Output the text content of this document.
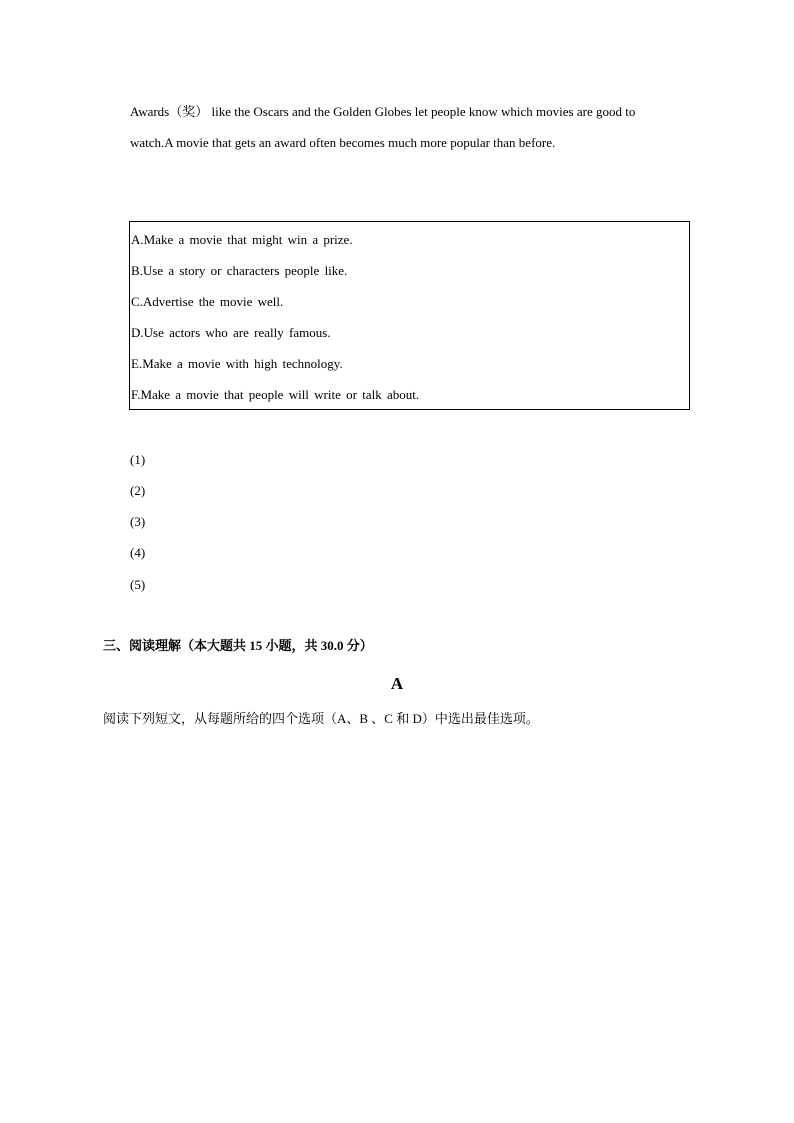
Awards（奖） like the Oscars and the Golden Globes let people know which movies are good to
watch.A movie that gets an award often becomes much more popular than before.
A.Make a movie that might win a prize.
B.Use a story or characters people like.
C.Advertise the movie well.
D.Use actors who are really famous.
E.Make a movie with high technology.
F.Make a movie that people will write or talk about.
(1)
(2)
(3)
(4)
(5)
三、阅读理解（本大题共 15 小题，共 30.0 分）
A
阅读下列短文，从每题所给的四个选项（A、B 、C 和 D）中选出最佳选项。
